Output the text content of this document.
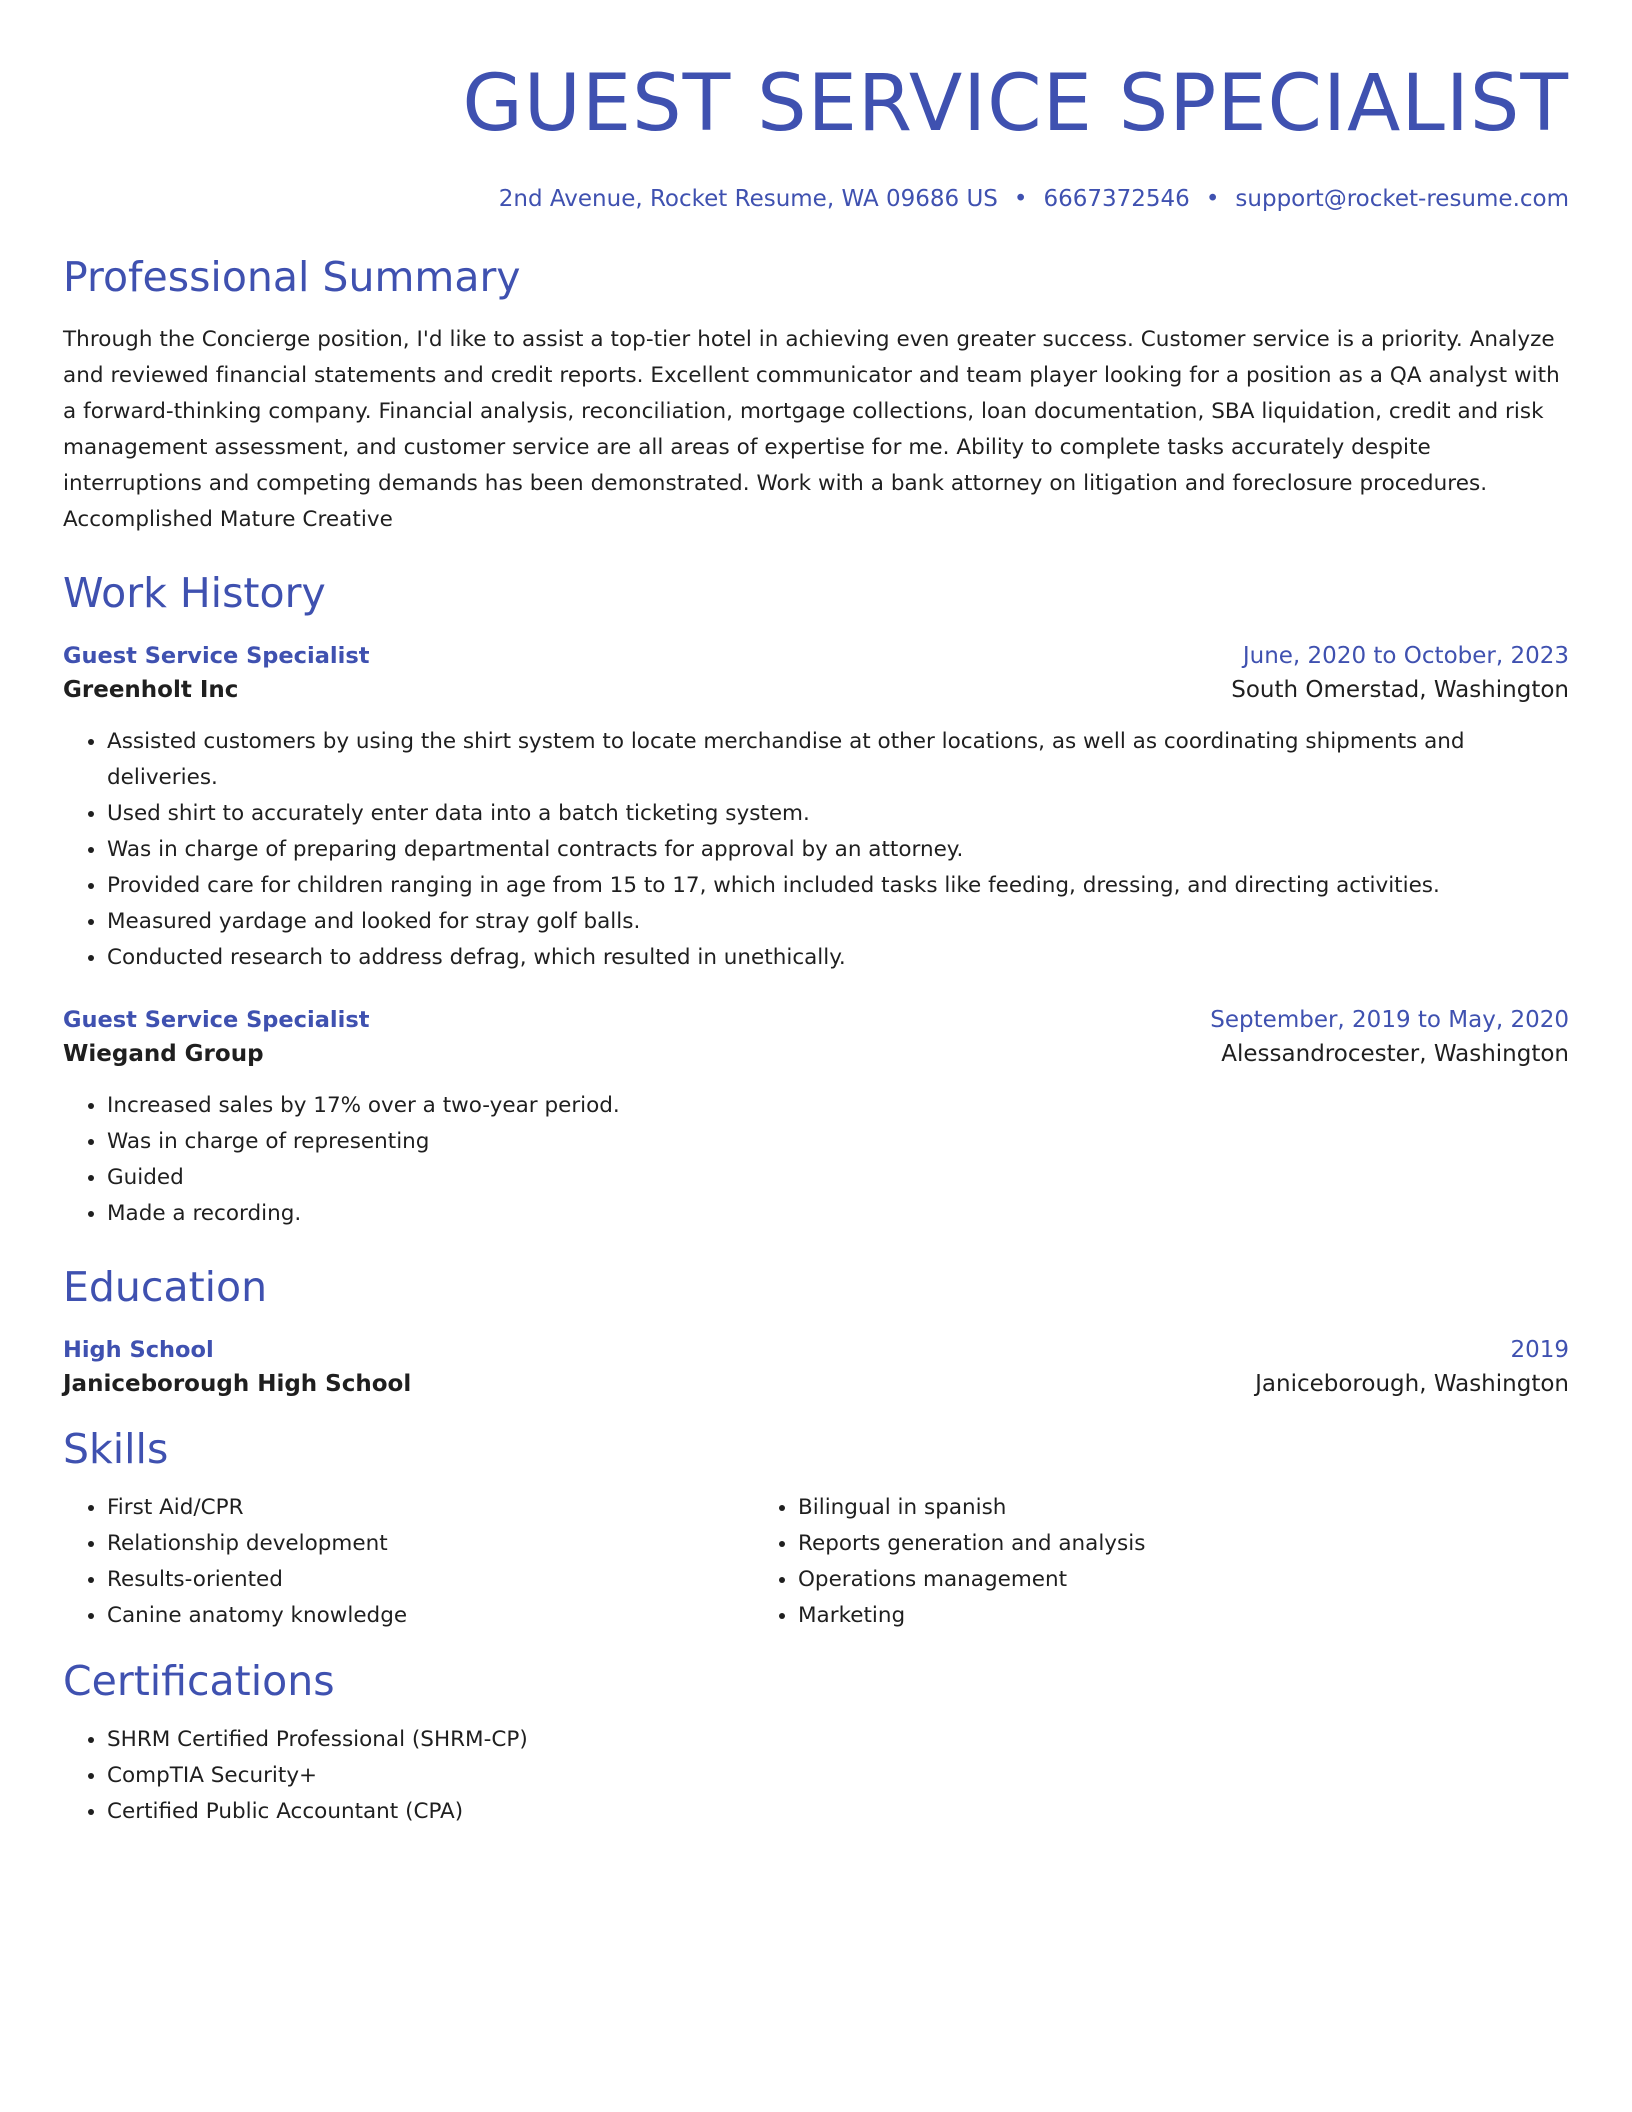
GUEST SERVICE SPECIALIST
2nd Avenue, Rocket Resume, WA 09686 US • 6667372546 • support@rocket-resume.com
Professional Summary
Through the Concierge position, I'd like to assist a top-tier hotel in achieving even greater success. Customer service is a priority. Analyze and reviewed financial statements and credit reports. Excellent communicator and team player looking for a position as a QA analyst with a forward-thinking company. Financial analysis, reconciliation, mortgage collections, loan documentation, SBA liquidation, credit and risk management assessment, and customer service are all areas of expertise for me. Ability to complete tasks accurately despite interruptions and competing demands has been demonstrated. Work with a bank attorney on litigation and foreclosure procedures. Accomplished Mature Creative
Work History
Guest Service Specialist	June, 2020 to October, 2023
Greenholt Inc	South Omerstad, Washington
• Assisted customers by using the shirt system to locate merchandise at other locations, as well as coordinating shipments and deliveries.
• Used shirt to accurately enter data into a batch ticketing system.
• Was in charge of preparing departmental contracts for approval by an attorney.
• Provided care for children ranging in age from 15 to 17, which included tasks like feeding, dressing, and directing activities.
• Measured yardage and looked for stray golf balls.
• Conducted research to address defrag, which resulted in unethically.
Guest Service Specialist	September, 2019 to May, 2020
Wiegand Group	Alessandrocester, Washington
• Increased sales by 17% over a two-year period.
• Was in charge of representing
• Guided
• Made a recording.
Education
High School	2019
Janiceborough High School	Janiceborough, Washington
Skills
• First Aid/CPR
• Relationship development
• Results-oriented
• Canine anatomy knowledge
• Bilingual in spanish
• Reports generation and analysis
• Operations management
• Marketing
Certifications
• SHRM Certified Professional (SHRM-CP)
• CompTIA Security+
• Certified Public Accountant (CPA)
